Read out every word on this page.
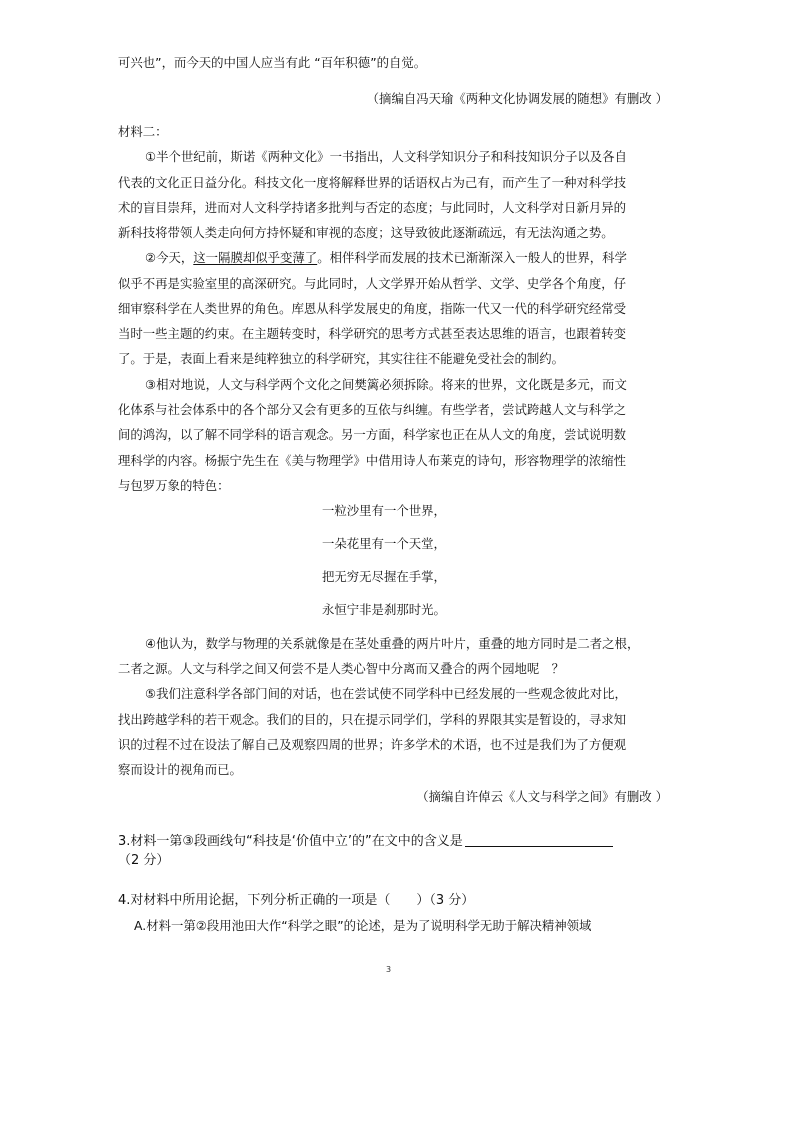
可兴也”，而今天的中国人应当有此 “百年积德”的自觉。
（摘编自冯天瑜《两种文化协调发展的随想》有删改 ）
材料二：
①半个世纪前，斯诺《两种文化》一书指出，人文科学知识分子和科技知识分子以及各自
代表的文化正日益分化。科技文化一度将解释世界的话语权占为己有，而产生了一种对科学技
术的盲目崇拜，进而对人文科学持诸多批判与否定的态度；与此同时，人文科学对日新月异的
新科技将带领人类走向何方持怀疑和审视的态度；这导致彼此逐渐疏远，有无法沟通之势。
②今天，这一隔膜却似乎变薄了。相伴科学而发展的技术已渐渐深入一般人的世界，科学
似乎不再是实验室里的高深研究。与此同时，人文学界开始从哲学、文学、史学各个角度，仔
细审察科学在人类世界的角色。库恩从科学发展史的角度，指陈一代又一代的科学研究经常受
当时一些主题的约束。在主题转变时，科学研究的思考方式甚至表达思维的语言，也跟着转变
了。于是，表面上看来是纯粹独立的科学研究，其实往往不能避免受社会的制约。
③相对地说，人文与科学两个文化之间樊篱必须拆除。将来的世界，文化既是多元，而文
化体系与社会体系中的各个部分又会有更多的互依与纠缠。有些学者，尝试跨越人文与科学之
间的鸿沟，以了解不同学科的语言观念。另一方面，科学家也正在从人文的角度，尝试说明数
理科学的内容。杨振宁先生在《美与物理学》中借用诗人布莱克的诗句，形容物理学的浓缩性
与包罗万象的特色：
一粒沙里有一个世界，
一朵花里有一个天堂，
把无穷无尽握在手掌，
永恒宁非是刹那时光。
④他认为，数学与物理的关系就像是在茎处重叠的两片叶片，重叠的地方同时是二者之根，
二者之源。人文与科学之间又何尝不是人类心智中分离而又叠合的两个园地呢　？
⑤我们注意科学各部门间的对话，也在尝试使不同学科中已经发展的一些观念彼此对比，
找出跨越学科的若干观念。我们的目的，只在提示同学们，学科的界限其实是暂设的，寻求知
识的过程不过在设法了解自己及观察四周的世界；许多学术的术语，也不过是我们为了方便观
察而设计的视角而已。
（摘编自许倬云《人文与科学之间》有删改 ）
3.材料一第③段画线句“科技是‘价值中立’的”在文中的含义是
（2 分）
4.对材料中所用论据，下列分析正确的一项是（　　）（3 分）
A.材料一第②段用池田大作“科学之眼”的论述，是为了说明科学无助于解决精神领域
3
